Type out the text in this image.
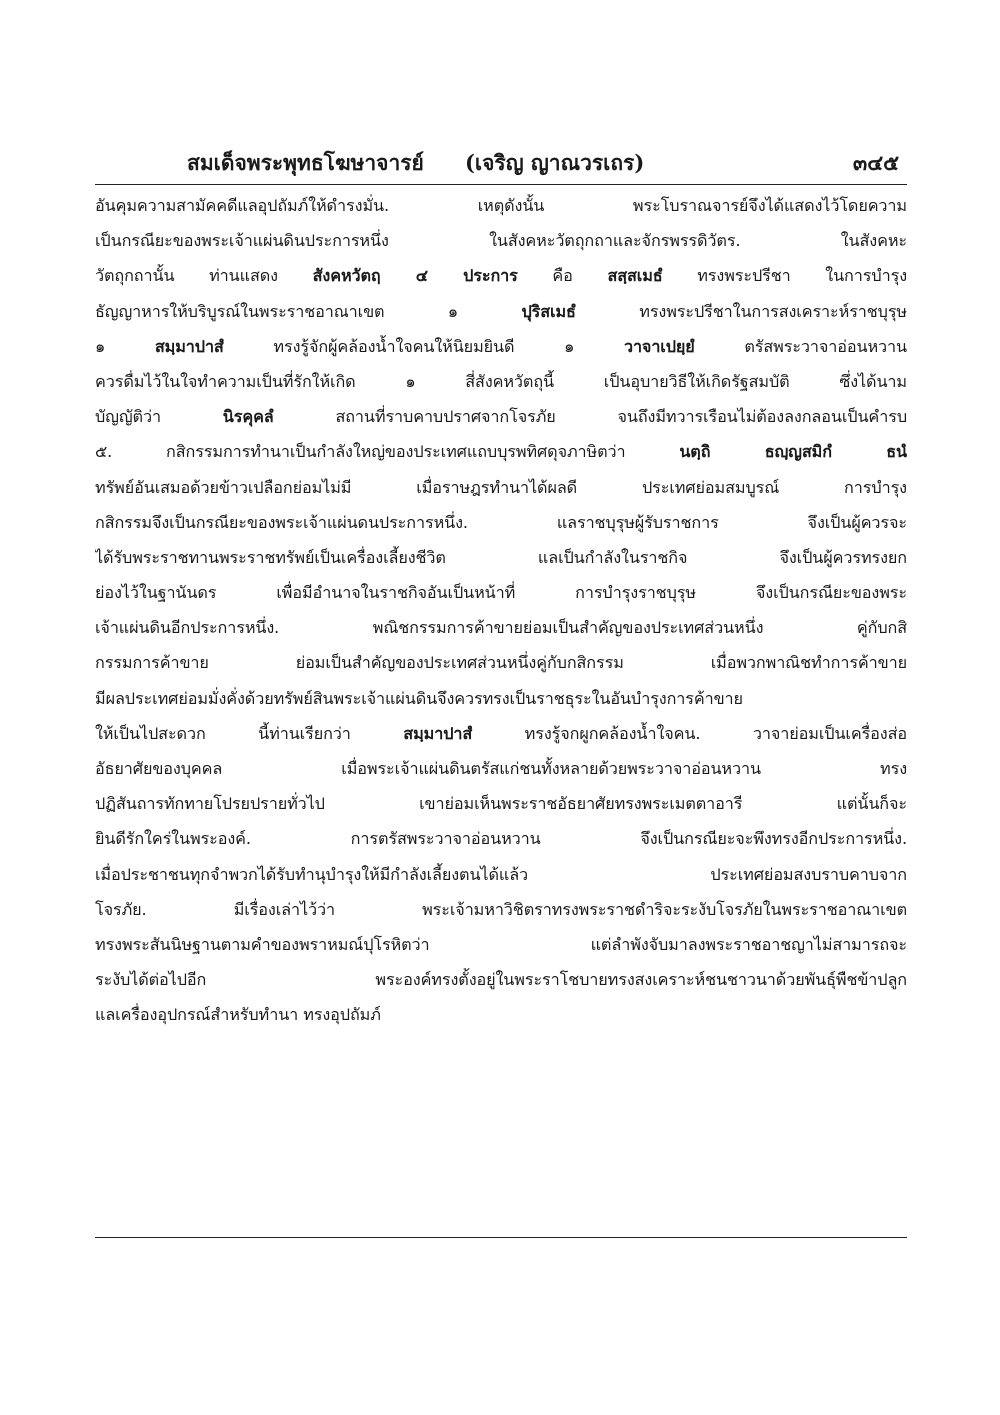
สมเด็จพระพุทธโฆษาจารย์ (เจริญ ญาณวรเถร)	๓๔๕
อันคุมความสามัคคดีแลอุปถัมภ์ให้ดำรงมั่น. เหตุดังนั้น พระโบราณจารย์จึงได้แสดงไว้โดยความ
เป็นกรณียะของพระเจ้าแผ่นดินประการหนึ่ง ในสังคหะวัตถุกถาและจักรพรรดิวัตร. ในสังคหะ
วัตถุกถานั้น ท่านแสดง สังคหวัตฤ ๔ ประการ คือ สสฺสเมธํ ทรงพระปรีชา ในการบำรุง
ธัญญาหารให้บริบูรณ์ในพระราชอาณาเขต ๑ ปุริสเมธํ ทรงพระปรีชาในการสงเคราะห์ราชบุรุษ
๑ สมฺมาปาสํ ทรงรู้จักผู้คล้องน้ำใจคนให้นิยมยินดี ๑ วาจาเปยฺยํ ตรัสพระวาจาอ่อนหวาน
ควรดื่มไว้ในใจทำความเป็นที่รักให้เกิด ๑ สี่สังคหวัตถุนี้ เป็นอุบายวิธีให้เกิดรัฐสมบัติ ซึ่งได้นาม
บัญญัติว่า นิรคุคลํ สถานที่ราบคาบปราศจากโจรภัย จนถึงมีทวารเรือนไม่ต้องลงกลอนเป็นคำรบ
๕. กสิกรรมการทำนาเป็นกำลังใหญ่ของประเทศแถบบุรพทิศดุจภาษิตว่า นตฺถิ ธญฺญสมิกํ ธนํ
ทรัพย์อันเสมอด้วยข้าวเปลือกย่อมไม่มี เมื่อราษฎรทำนาได้ผลดี ประเทศย่อมสมบูรณ์ การบำรุง
กสิกรรมจึงเป็นกรณียะของพระเจ้าแผ่นดนประการหนึ่ง. แลราชบุรุษผู้รับราชการ จึงเป็นผู้ควรจะ
ได้รับพระราชทานพระราชทรัพย์เป็นเครื่องเลี้ยงชีวิต แลเป็นกำลังในราชกิจ จึงเป็นผู้ควรทรงยก
ย่องไว้ในฐานันดร เพื่อมีอำนาจในราชกิจอันเป็นหน้าที่ การบำรุงราชบุรุษ จึงเป็นกรณียะของพระ
เจ้าแผ่นดินอีกประการหนึ่ง. พณิชกรรมการค้าขายย่อมเป็นสำคัญของประเทศส่วนหนึ่ง คู่กับกสิ
กรรมการค้าขาย ย่อมเป็นสำคัญของประเทศส่วนหนึ่งคู่กับกสิกรรม เมื่อพวกพาณิชทำการค้าขาย
มีผลประเทศย่อมมั่งคั่งด้วยทรัพย์สินพระเจ้าแผ่นดินจึงควรทรงเป็นราชธุระในอันบำรุงการค้าขาย
ให้เป็นไปสะดวก นี้ท่านเรียกว่า สมฺมาปาสํ ทรงรู้จกผูกคล้องน้ำใจคน. วาจาย่อมเป็นเครื่องส่อ
อัธยาศัยของบุคคล เมื่อพระเจ้าแผ่นดินตรัสแก่ชนทั้งหลายด้วยพระวาจาอ่อนหวาน ทรง
ปฏิสันถารทักทายโปรยปรายทั่วไป เขาย่อมเห็นพระราชอัธยาศัยทรงพระเมตตาอารี แต่นั้นก็จะ
ยินดีรักใคร่ในพระองค์. การตรัสพระวาจาอ่อนหวาน จึงเป็นกรณียะจะพึงทรงอีกประการหนึ่ง.
เมื่อประชาชนทุกจำพวกได้รับทำนุบำรุงให้มีกำลังเลี้ยงตนได้แล้ว ประเทศย่อมสงบราบคาบจาก
โจรภัย. มีเรื่องเล่าไว้ว่า พระเจ้ามหาวิชิตราทรงพระราชดำริจะระงับโจรภัยในพระราชอาณาเขต
ทรงพระสันนิษฐานตามคำของพราหมณ์ปุโรหิตว่า แต่ลำพังจับมาลงพระราชอาชญาไม่สามารถจะ
ระงับได้ต่อไปอีก พระองค์ทรงตั้งอยู่ในพระราโชบายทรงสงเคราะห์ชนชาวนาด้วยพันธุ์พืชข้าปลูก
แลเครื่องอุปกรณ์สำหรับทำนา ทรงอุปถัมภ์
